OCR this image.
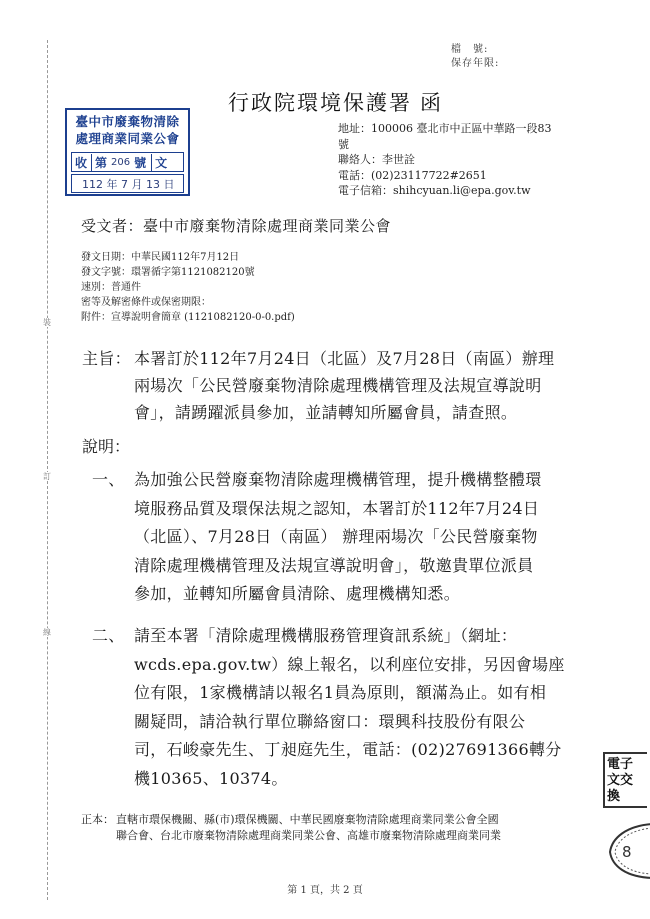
裝
訂
線
檔　號:
保存年限:
行政院環境保護署 函
臺中市廢棄物清除
處理商業同業公會
收 第 206 號 文
112 年 7 月 13 日
地址：100006 臺北市中正區中華路一段83
號
聯絡人：李世詮
電話：(02)23117722#2651
電子信箱：shihcyuan.li@epa.gov.tw
受文者：臺中市廢棄物清除處理商業同業公會
發文日期：中華民國112年7月12日
發文字號：環署循字第1121082120號
速別：普通件
密等及解密條件或保密期限：
附件：宣導說明會簡章 (1121082120-0-0.pdf)
主旨： 本署訂於112年7月24日（北區）及7月28日（南區）辦理
兩場次「公民營廢棄物清除處理機構管理及法規宣導說明
會」，請踴躍派員參加，並請轉知所屬會員，請查照。
說明：
一、 為加強公民營廢棄物清除處理機構管理，提升機構整體環
境服務品質及環保法規之認知，本署訂於112年7月24日
（北區）、7月28日（南區） 辦理兩場次「公民營廢棄物
清除處理機構管理及法規宣導說明會」，敬邀貴單位派員
參加，並轉知所屬會員清除、處理機構知悉。
二、 請至本署「清除處理機構服務管理資訊系統」（網址：
wcds.epa.gov.tw）線上報名，以利座位安排，另因會場座
位有限，1家機構請以報名1員為原則，額滿為止。如有相
關疑問，請洽執行單位聯絡窗口：環興科技股份有限公
司，石峻豪先生、丁昶庭先生，電話：(02)27691366轉分
機10365、10374。
正本： 直轄市環保機關、縣(市)環保機關、中華民國廢棄物清除處理商業同業公會全國
聯合會、台北市廢棄物清除處理商業同業公會、高雄市廢棄物清除處理商業同業
電子
文交
換
8
第 1 頁，共 2 頁
